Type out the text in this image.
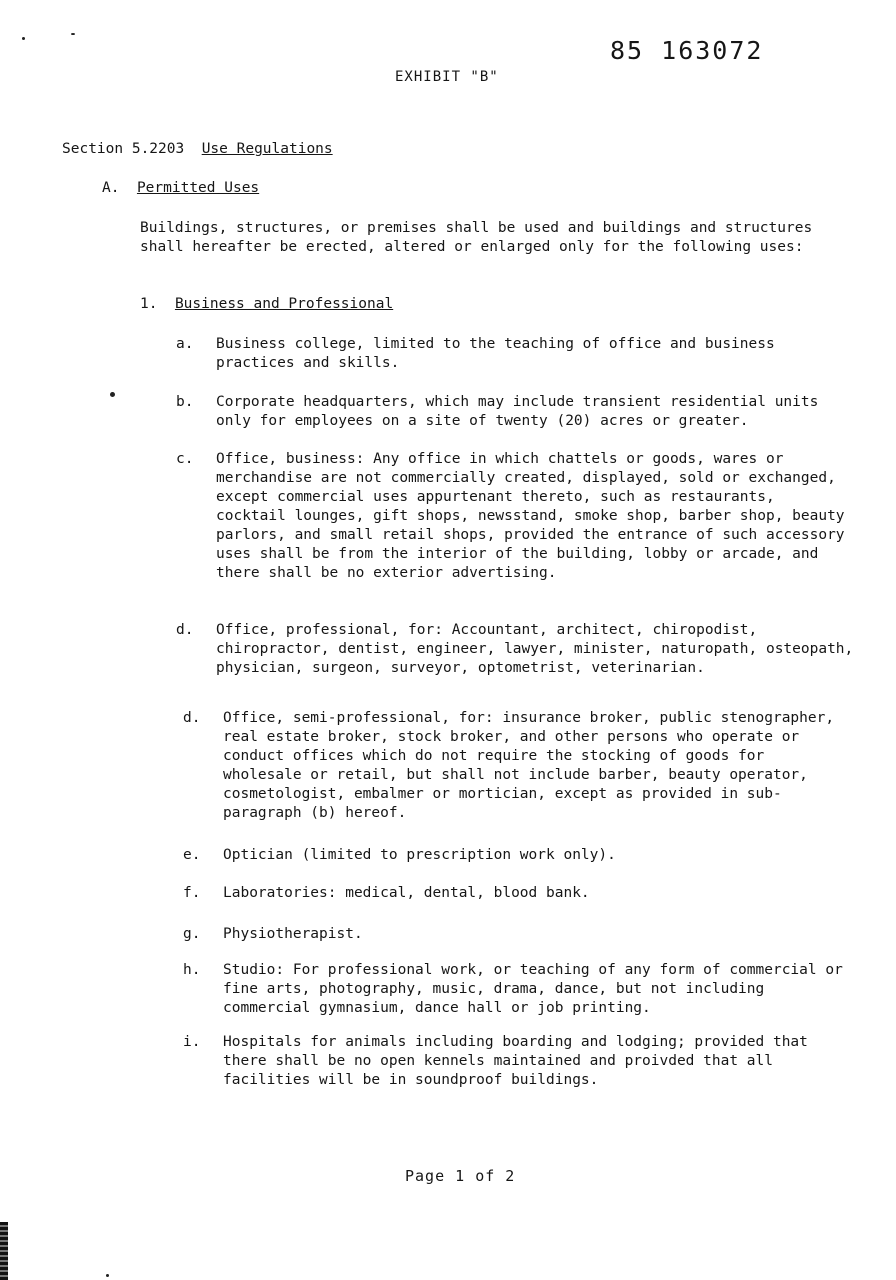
85 163072
EXHIBIT "B"
Section 5.2203 Use Regulations
A. Permitted Uses
Buildings, structures, or premises shall be used and buildings and structures shall hereafter be erected, altered or enlarged only for the following uses:
1. Business and Professional
a.	Business college, limited to the teaching of office and business practices and skills.
b.	Corporate headquarters, which may include transient residential units only for employees on a site of twenty (20) acres or greater.
c.	Office, business: Any office in which chattels or goods, wares or merchandise are not commercially created, displayed, sold or exchanged, except commercial uses appurtenant thereto, such as restaurants, cocktail lounges, gift shops, newsstand, smoke shop, barber shop, beauty parlors, and small retail shops, provided the entrance of such accessory uses shall be from the interior of the building, lobby or arcade, and there shall be no exterior advertising.
d.	Office, professional, for: Accountant, architect, chiropodist, chiropractor, dentist, engineer, lawyer, minister, naturopath, osteopath, physician, surgeon, surveyor, optometrist, veterinarian.
d.	Office, semi-professional, for: insurance broker, public stenographer, real estate broker, stock broker, and other persons who operate or conduct offices which do not require the stocking of goods for wholesale or retail, but shall not include barber, beauty operator, cosmetologist, embalmer or mortician, except as provided in sub-paragraph (b) hereof.
e.	Optician (limited to prescription work only).
f.	Laboratories: medical, dental, blood bank.
g.	Physiotherapist.
h.	Studio: For professional work, or teaching of any form of commercial or fine arts, photography, music, drama, dance, but not including commercial gymnasium, dance hall or job printing.
i.	Hospitals for animals including boarding and lodging; provided that there shall be no open kennels maintained and proivded that all facilities will be in soundproof buildings.
Page 1 of 2
